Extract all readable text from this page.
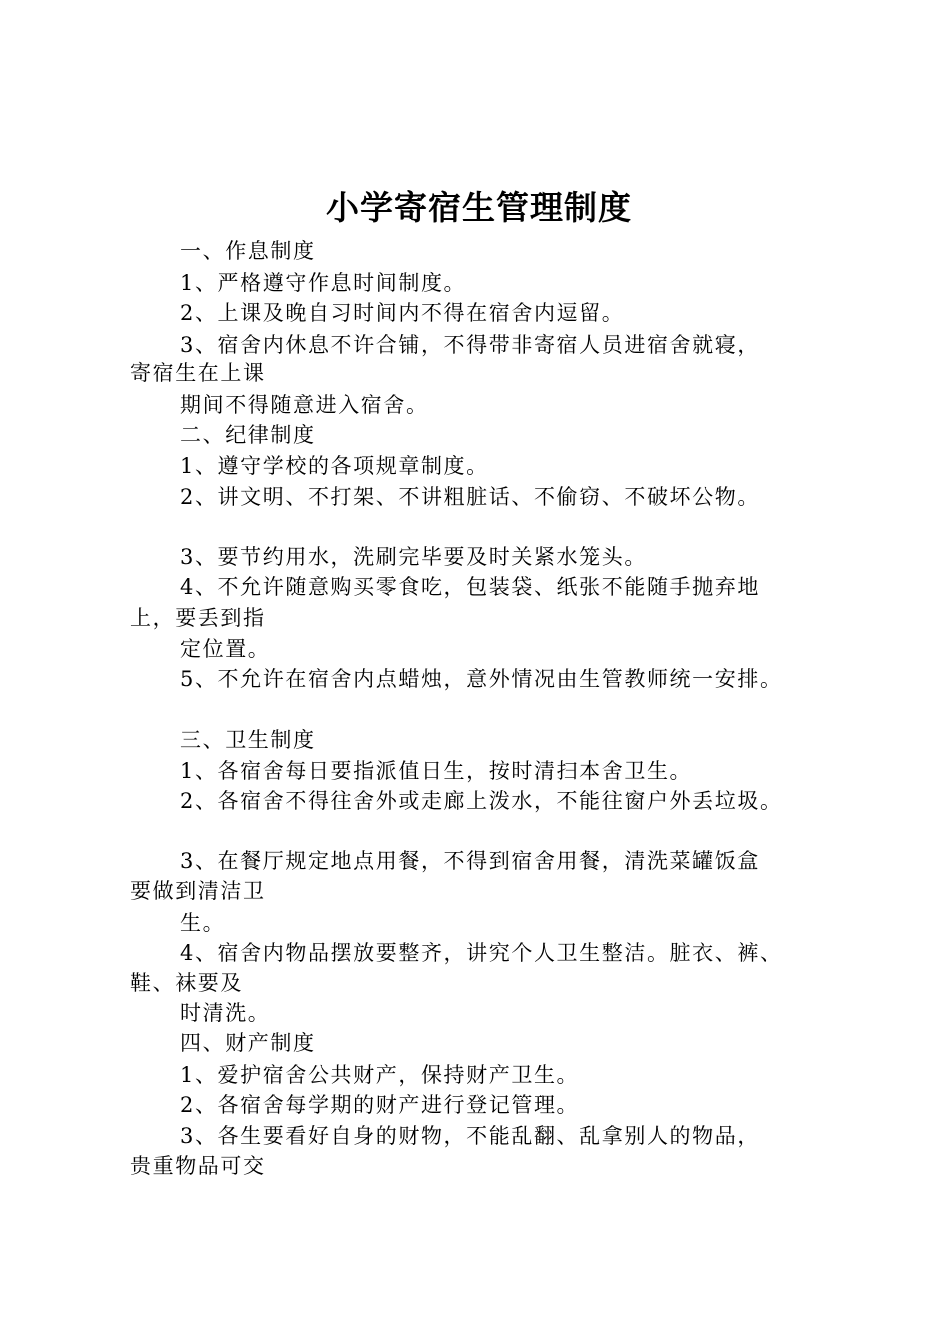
小学寄宿生管理制度
一、作息制度
1、严格遵守作息时间制度。
2、上课及晚自习时间内不得在宿舍内逗留。
3、宿舍内休息不许合铺，不得带非寄宿人员进宿舍就寝，
寄宿生在上课
期间不得随意进入宿舍。
二、纪律制度
1、遵守学校的各项规章制度。
2、讲文明、不打架、不讲粗脏话、不偷窃、不破坏公物。
3、要节约用水，洗刷完毕要及时关紧水笼头。
4、不允许随意购买零食吃，包装袋、纸张不能随手抛弃地
上，要丢到指
定位置。
5、不允许在宿舍内点蜡烛，意外情况由生管教师统一安排。
三、卫生制度
1、各宿舍每日要指派值日生，按时清扫本舍卫生。
2、各宿舍不得往舍外或走廊上泼水，不能往窗户外丢垃圾。
3、在餐厅规定地点用餐，不得到宿舍用餐，清洗菜罐饭盒
要做到清洁卫
生。
4、宿舍内物品摆放要整齐，讲究个人卫生整洁。脏衣、裤、
鞋、袜要及
时清洗。
四、财产制度
1、爱护宿舍公共财产，保持财产卫生。
2、各宿舍每学期的财产进行登记管理。
3、各生要看好自身的财物，不能乱翻、乱拿别人的物品，
贵重物品可交
